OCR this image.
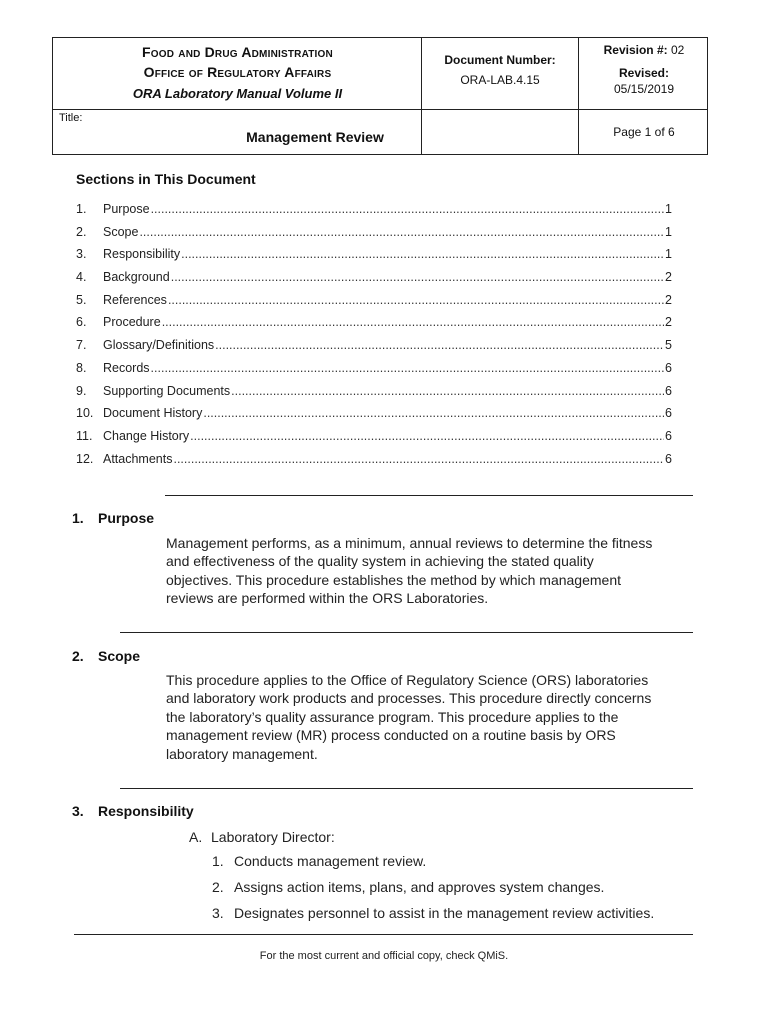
Food and Drug Administration
Office of Regulatory Affairs
ORA Laboratory Manual Volume II
Document Number:
ORA-LAB.4.15
Revision #: 02
Revised:
05/15/2019
Title:
Management Review	Page 1 of 6
Sections in This Document
1.	Purpose .....	1
2.	Scope .....	1
3.	Responsibility .....	1
4.	Background .....	2
5.	References .....	2
6.	Procedure .....	2
7.	Glossary/Definitions .....	5
8.	Records .....	6
9.	Supporting Documents .....	6
10. Document History .....	6
11. Change History .....	6
12. Attachments .....	6
1. Purpose
Management performs, as a minimum, annual reviews to determine the fitness
and effectiveness of the quality system in achieving the stated quality
objectives. This procedure establishes the method by which management
reviews are performed within the ORS Laboratories.
2. Scope
This procedure applies to the Office of Regulatory Science (ORS) laboratories
and laboratory work products and processes. This procedure directly concerns
the laboratory’s quality assurance program. This procedure applies to the
management review (MR) process conducted on a routine basis by ORS
laboratory management.
3. Responsibility
A. Laboratory Director:
1. Conducts management review.
2. Assigns action items, plans, and approves system changes.
3. Designates personnel to assist in the management review activities.
For the most current and official copy, check QMiS.
